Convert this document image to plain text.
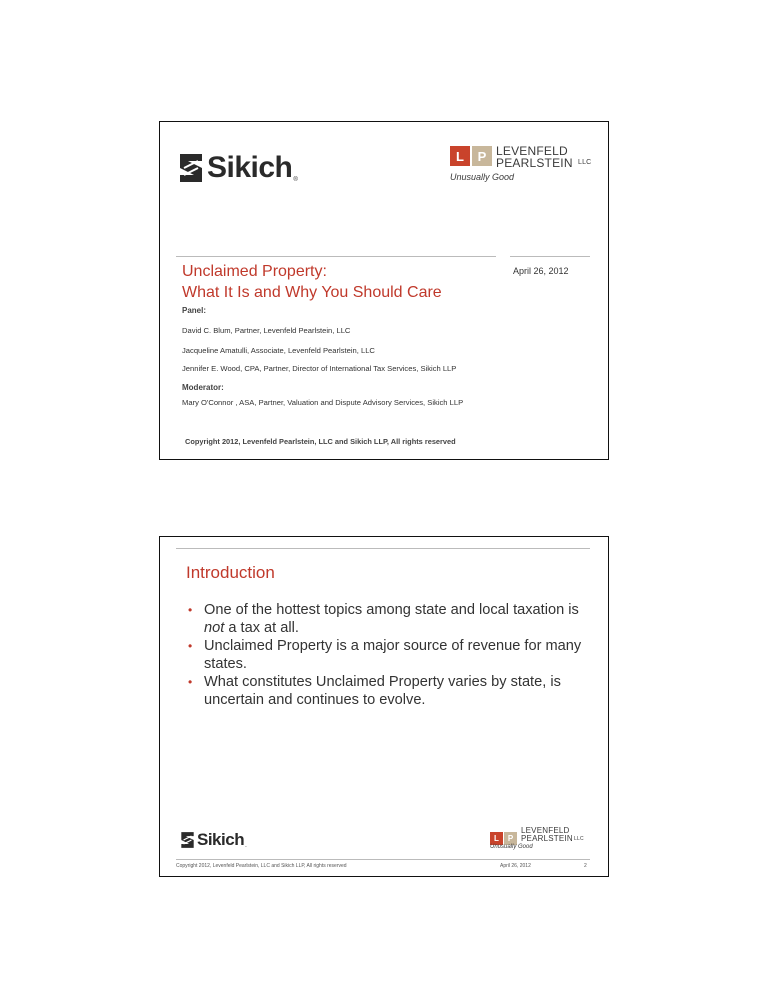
Sikich ®
L	P LEVENFELD
PEARLSTEIN LLC
Unusually Good
Unclaimed Property:
What It Is and Why You Should Care
April 26, 2012
Panel:
David C. Blum, Partner, Levenfeld Pearlstein, LLC
Jacqueline Amatulli, Associate, Levenfeld Pearlstein, LLC
Jennifer E. Wood, CPA, Partner, Director of International Tax Services, Sikich LLP
Moderator:
Mary O'Connor , ASA, Partner, Valuation and Dispute Advisory Services, Sikich LLP
Copyright 2012, Levenfeld Pearlstein, LLC and Sikich LLP, All rights reserved
Introduction
• One of the hottest topics among state and local taxation is not a tax at all.
• Unclaimed Property is a major source of revenue for many states.
• What constitutes Unclaimed Property varies by state, is uncertain and continues to evolve.
Sikich .
L	P
LEVENFELD
PEARLSTEIN LLC
Unusually Good
Copyright 2012, Levenfeld Pearlstein, LLC and Sikich LLP, All rights reserved	April 26, 2012	2
